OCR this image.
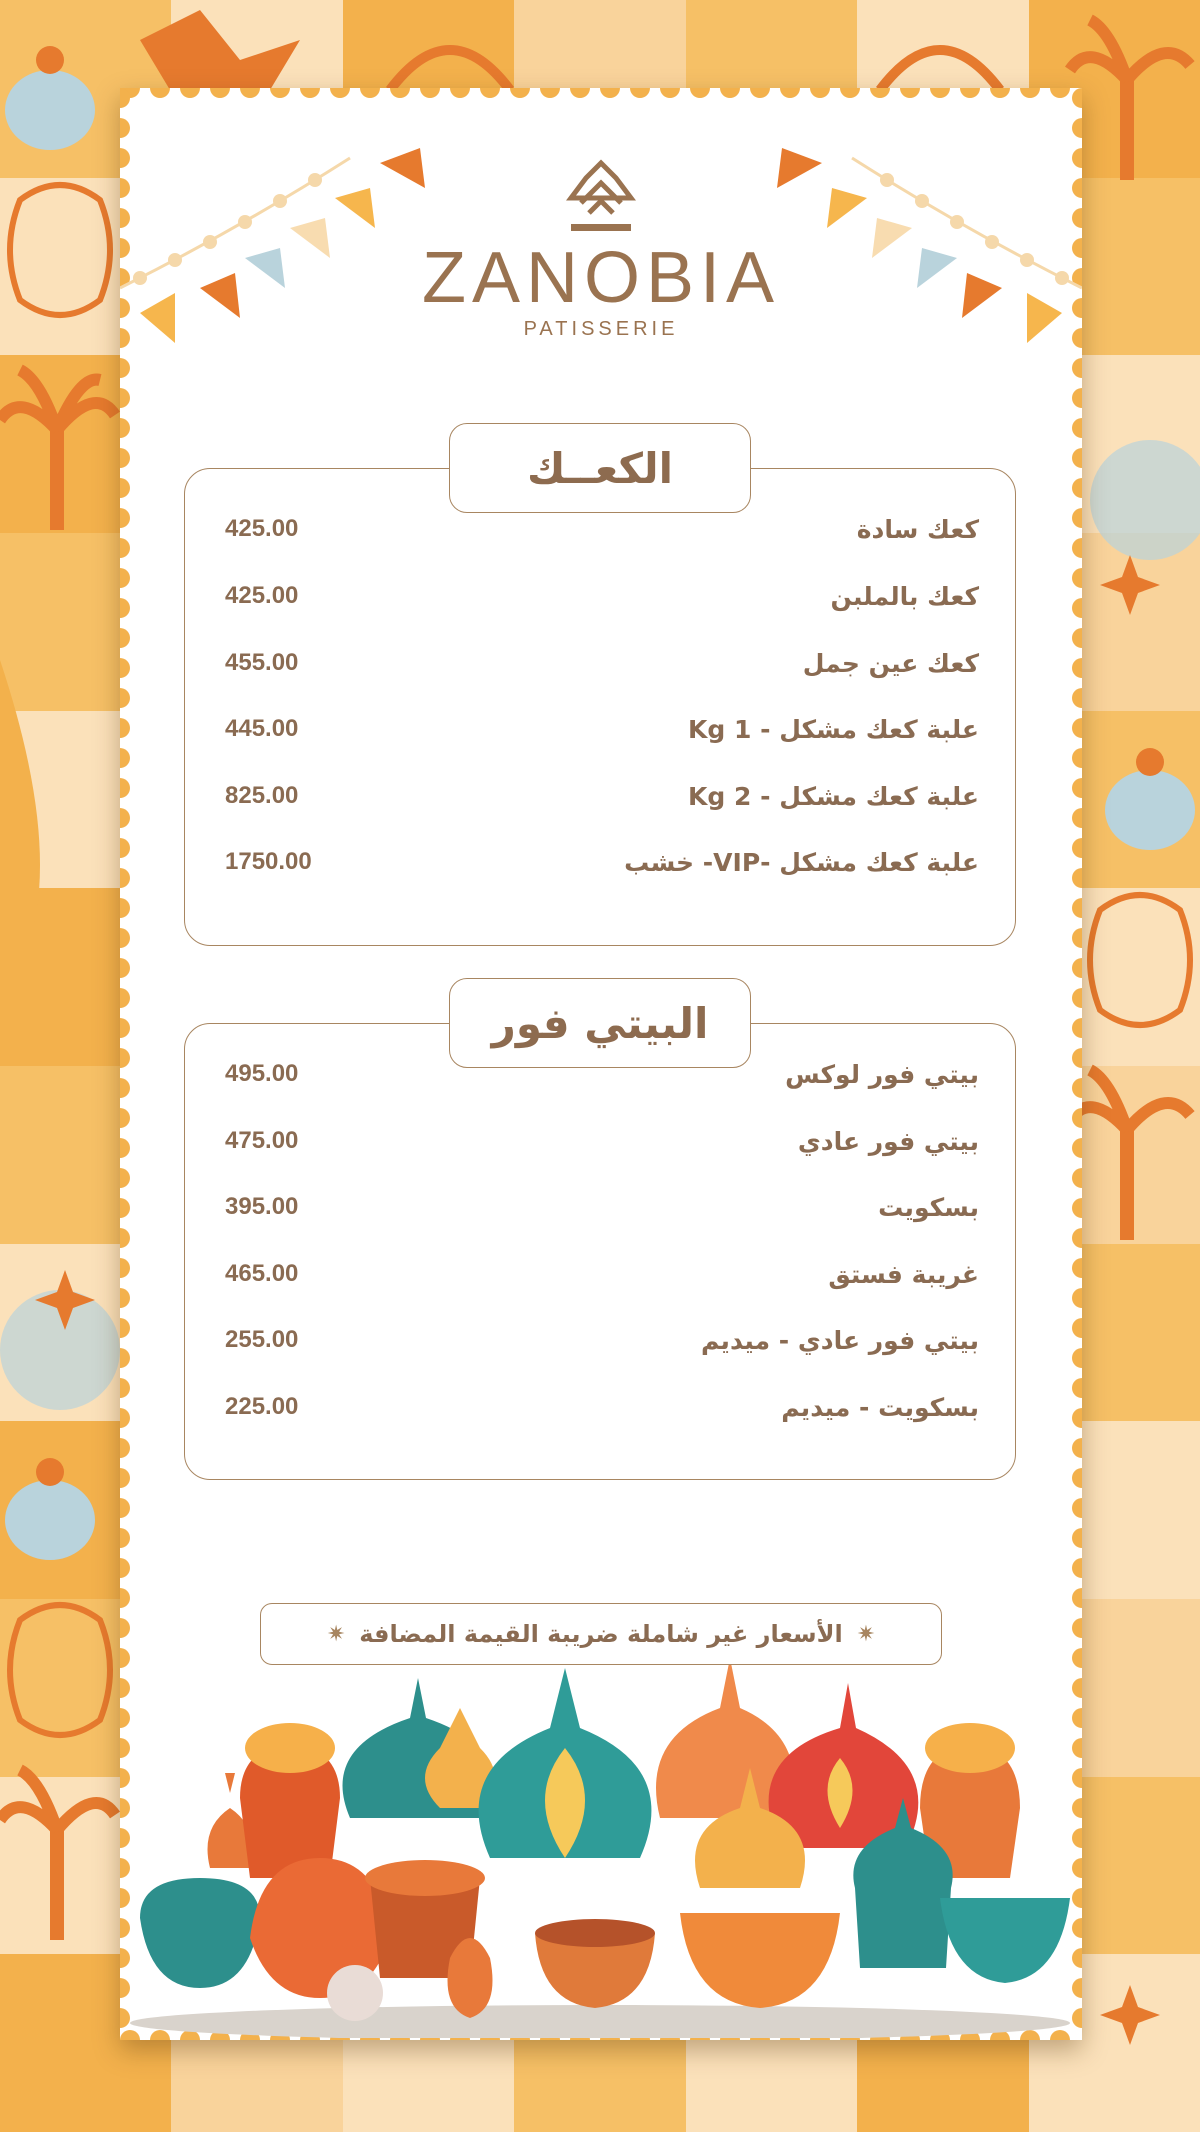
ZANOBIA
PATISSERIE
الكعــك
425.00	كعك سادة
425.00	كعك بالملبن
455.00	كعك عين جمل
445.00	علبة كعك مشكل - 1 Kg
825.00	علبة كعك مشكل - 2 Kg
1750.00	علبة كعك مشكل -VIP- خشب
البيتي فور
495.00	بيتي فور لوكس
475.00	بيتي فور عادي
395.00	بسكويت
465.00	غريبة فستق
255.00	بيتي فور عادي - ميديم
225.00	بسكويت - ميديم
✷
الأسعار غير شاملة ضريبة القيمة المضافة
✷
